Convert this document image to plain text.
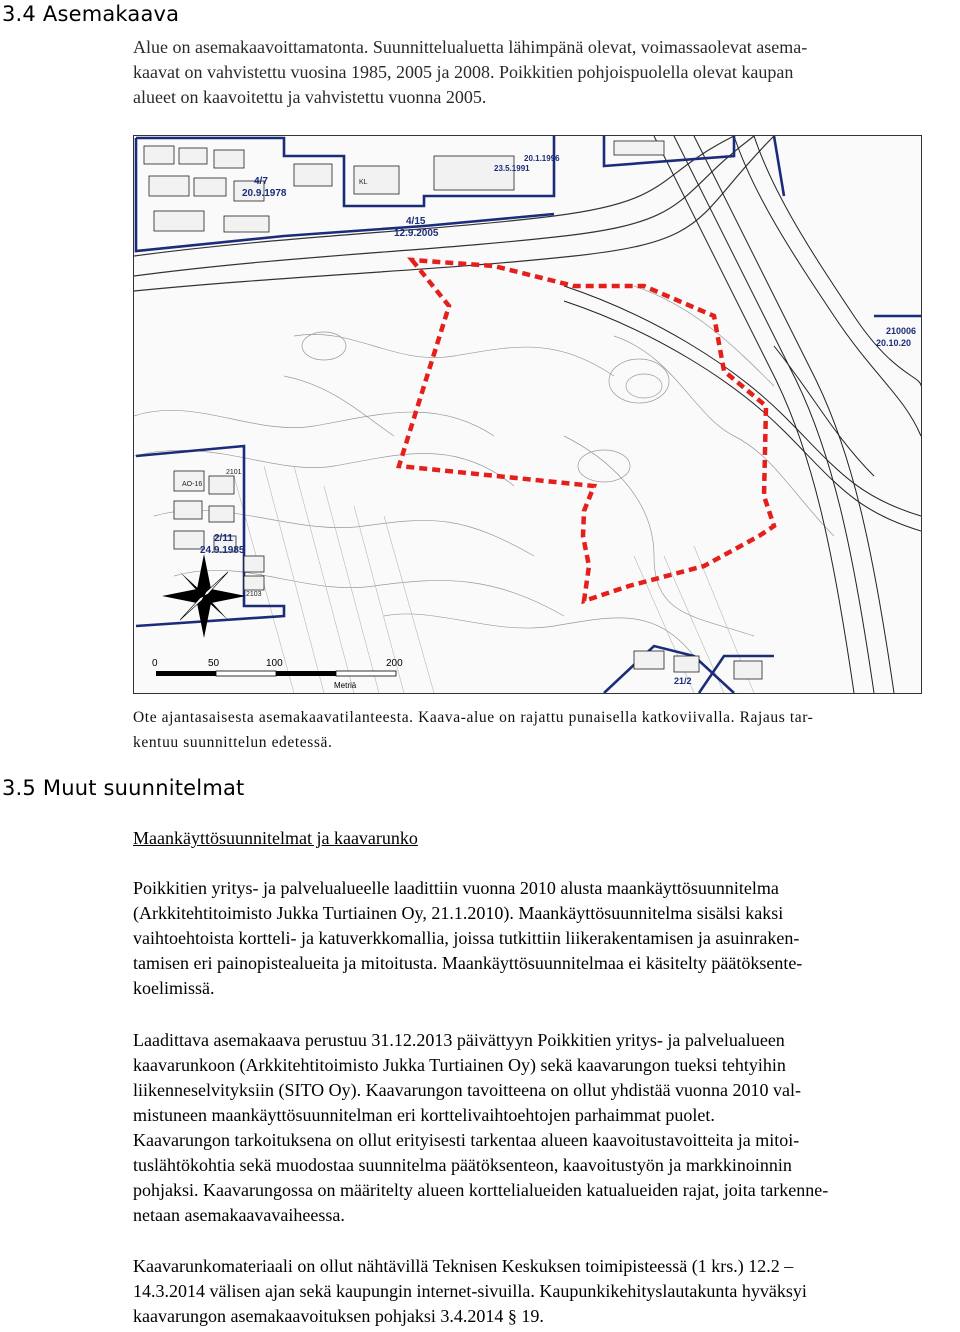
3.4 Asemakaava

Alue on asemakaavoittamatonta. Suunnittelualuetta lähimpänä olevat, voimassaolevat asema-
kaavat on vahvistettu vuosina 1985, 2005 ja 2008. Poikkitien pohjoispuolella olevat kaupan
alueet on kaavoitettu ja vahvistettu vuonna 2005.

4/7
20.9.1978
4/15
12.9.2005
2/11
24.9.1985
210006
20.10.20
21/2
23.5.1991
20.1.1996
2101
2103
AO-16
KL
0	50	100	200
Metriä

Ote ajantasaisesta asemakaavatilanteesta. Kaava-alue on rajattu punaisella katkoviivalla. Rajaus tar-
kentuu suunnittelun edetessä.

3.5 Muut suunnitelmat

Maankäyttösuunnitelmat ja kaavarunko

Poikkitien yritys- ja palvelualueelle laadittiin vuonna 2010 alusta maankäyttösuunnitelma
(Arkkitehtitoimisto Jukka Turtiainen Oy, 21.1.2010). Maankäyttösuunnitelma sisälsi kaksi
vaihtoehtoista kortteli- ja katuverkkomallia, joissa tutkittiin liikerakentamisen ja asuinraken-
tamisen eri painopistealueita ja mitoitusta. Maankäyttösuunnitelmaa ei käsitelty päätöksente-
koelimissä.

Laadittava asemakaava perustuu 31.12.2013 päivättyyn Poikkitien yritys- ja palvelualueen
kaavarunkoon (Arkkitehtitoimisto Jukka Turtiainen Oy) sekä kaavarungon tueksi tehtyihin
liikenneselvityksiin (SITO Oy). Kaavarungon tavoitteena on ollut yhdistää vuonna 2010 val-
mistuneen maankäyttösuunnitelman eri korttelivaihtoehtojen parhaimmat puolet.
Kaavarungon tarkoituksena on ollut erityisesti tarkentaa alueen kaavoitustavoitteita ja mitoi-
tuslähtökohtia sekä muodostaa suunnitelma päätöksenteon, kaavoitustyön ja markkinoinnin
pohjaksi. Kaavarungossa on määritelty alueen korttelialueiden katualueiden rajat, joita tarkenne-
netaan asemakaavavaiheessa.

Kaavarunkomateriaali on ollut nähtävillä Teknisen Keskuksen toimipisteessä (1 krs.) 12.2 –
14.3.2014 välisen ajan sekä kaupungin internet-sivuilla. Kaupunkikehityslautakunta hyväksyi
kaavarungon asemakaavoituksen pohjaksi 3.4.2014 § 19.
